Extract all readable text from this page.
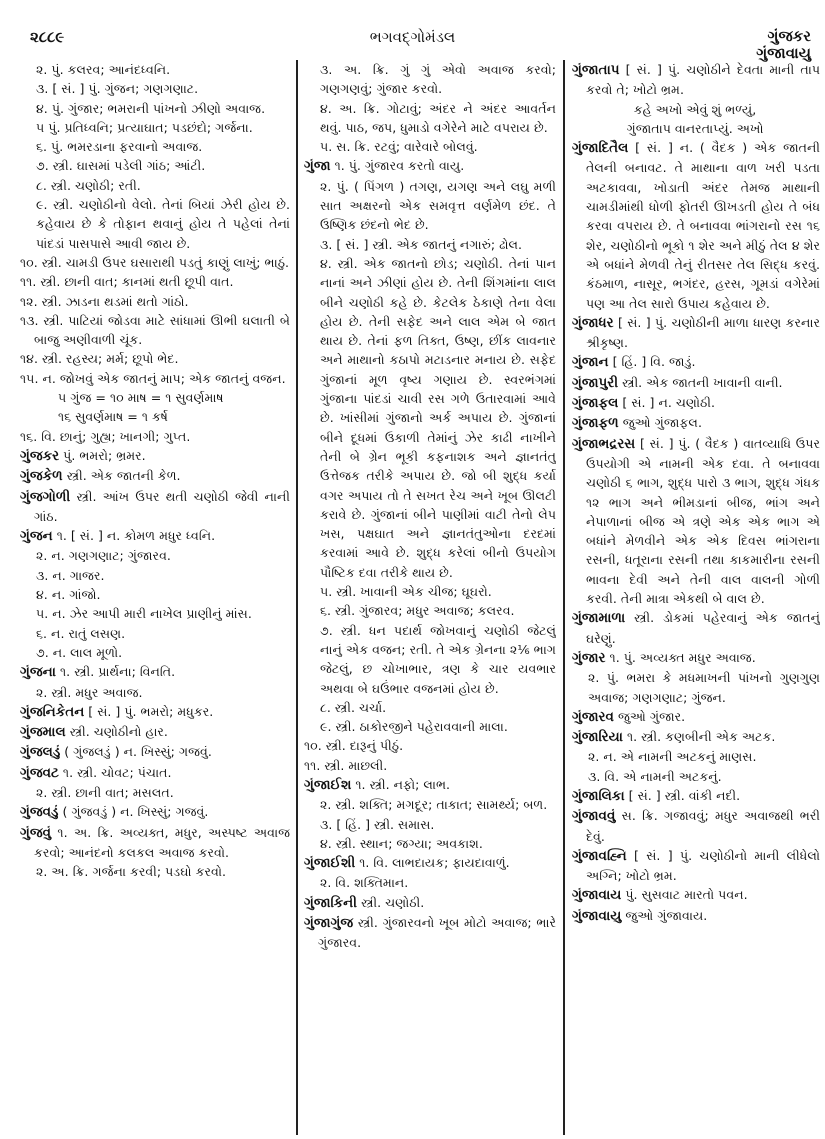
૨૮૮૯	ભગવદ્ગોમંડલ	ગુંજકર
ગુંજાવાયુ

૨. પું. કલરવ; આનંદધ્વનિ.

૩. [ સં. ] પું. ગુંજન; ગણગણાટ.

૪. પું. ગુંજાર; ભમરાની પાંખનો ઝીણો અવાજ.

૫ પું. પ્રતિધ્વનિ; પ્રત્યાઘાત; પડછંદો; ગર્જના.

૬. પું. ભમરડાના ફરવાનો અવાજ.

૭. સ્ત્રી. ઘાસમાં પડેલી ગાંઠ; આંટી.

૮. સ્ત્રી. ચણોઠી; રતી.

૯. સ્ત્રી. ચણોઠીનો વેલો. તેનાં બિયાં ઝેરી હોય છે. કહેવાય છે કે તોફાન થવાનું હોય તે પહેલાં તેનાં પાંદડાં પાસપાસે આવી જાય છે.

૧૦. સ્ત્રી. ચામડી ઉપર ઘસારાથી પડતું કાણું લાખું; ભાઠું.

૧૧. સ્ત્રી. છાની વાત; કાનમાં થતી છૂપી વાત.

૧૨. સ્ત્રી. ઝાડના થડમાં થતો ગાંઠો.

૧૩. સ્ત્રી. પાટિયાં જોડવા માટે સાંધામાં ઊભી ઘલાતી બે બાજુ અણીવાળી ચૂંક.

૧૪. સ્ત્રી. રહસ્ય; મર્મ; છૂપો ભેદ.

૧૫. ન. જોખવું એક જાતનું માપ; એક જાતનું વજન.

૫ ગુંજ = ૧૦ માષ = ૧ સુવર્ણમાષ

૧૬ સુવર્ણમાષ = ૧ કર્ષ

૧૬. વિ. છાનું; ગુહ્ય; ખાનગી; ગુપ્ત.

ગુંજકર પું. ભમરો; ભ્રમર.

ગુંજકેળ સ્ત્રી. એક જાતની કેળ.

ગુંજગોળી સ્ત્રી. આંખ ઉપર થતી ચણોઠી જેવી નાની ગાંઠ.

ગુંજન ૧. [ સં. ] ન. કોમળ મધુર ધ્વનિ.

૨. ન. ગણગણાટ; ગુંજારવ.

૩. ન. ગાજર.

૪. ન. ગાંજો.

૫. ન. ઝેર આપી મારી નાખેલ પ્રાણીનું માંસ.

૬. ન. રાતું લસણ.

૭. ન. લાલ મૂળો.

ગુંજના ૧. સ્ત્રી. પ્રાર્થના; વિનતિ.

૨. સ્ત્રી. મધુર અવાજ.

ગુંજનિકેતન [ સં. ] પું. ભમરો; મધુકર.

ગુંજમાલ સ્ત્રી. ચણોઠીનો હાર.

ગુંજલડું ( ગુંજલડું ) ન. ખિસ્સું; ગજવું.

ગુંજવટ ૧. સ્ત્રી. ચોવટ; પંચાત.

૨. સ્ત્રી. છાની વાત; મસલત.

ગુંજવડું ( ગુંજવડું ) ન. ખિસ્સું; ગજવું.

ગુંજવું ૧. અ. ક્રિ. અવ્યક્ત, મધુર, અસ્પષ્ટ અવાજ કરવો; આનંદનો કલકલ અવાજ કરવો.

૨. અ. ક્રિ. ગર્જના કરવી; પડઘો કરવો.

૩. અ. ક્રિ. ગું ગું એવો અવાજ કરવો; ગણગણવું; ગુંજાર કરવો.

૪. અ. ક્રિ. ગોટાવું; અંદર ને અંદર આવર્તન થવું. પાઠ, જપ, ધુમાડો વગેરેને માટે વપરાય છે.

૫. સ. ક્રિ. રટવું; વારેવારે બોલવું.

ગુંજા ૧. પું. ગુંજારવ કરતો વાયુ.

૨. પું. ( પિંગળ ) તગણ, યગણ અને લઘુ મળી સાત અક્ષરનો એક સમવૃત્ત વર્ણમેળ છંદ. તે ઉષ્ણિક છંદનો ભેદ છે.

૩. [ સં. ] સ્ત્રી. એક જાતનું નગારું; ઢોલ.

૪. સ્ત્રી. એક જાતનો છોડ; ચણોઠી. તેનાં પાન નાનાં અને ઝીણાં હોય છે. તેની શિંગમાંના લાલ બીને ચણોઠી કહે છે. કેટલેક ઠેકાણે તેના વેલા હોય છે. તેની સફેદ અને લાલ એમ બે જાત થાય છે. તેનાં ફળ તિક્ત, ઉષ્ણ, છીંક લાવનાર અને માથાનો કઠાપો મટાડનાર મનાય છે. સફેદ ગુંજાનાં મૂળ વૃષ્ય ગણાય છે. સ્વરભંગમાં ગુંજાના પાંદડાં ચાવી રસ ગળે ઉતારવામાં આવે છે. ખાંસીમાં ગુંજાનો અર્ક અપાય છે. ગુંજાનાં બીને દૂધમાં ઉકાળી તેમાંનું ઝેર કાઢી નાખીને તેની બે ગ્રેન ભૂકી કફનાશક અને જ્ઞાનતંતુ ઉત્તેજક તરીકે અપાય છે. જો બી શુદ્ધ કર્યા વગર અપાય તો તે સખત રેચ અને ખૂબ ઊલટી કરાવે છે. ગુંજાનાં બીને પાણીમાં વાટી તેનો લેપ ખસ, પક્ષઘાત અને જ્ઞાનતંતુઓના દરદમાં કરવામાં આવે છે. શુદ્ધ કરેલાં બીનો ઉપયોગ પૌષ્ટિક દવા તરીકે થાય છે.

૫. સ્ત્રી. ખાવાની એક ચીજ; ઘૂઘરો.

૬. સ્ત્રી. ગુંજારવ; મધુર અવાજ; કલરવ.

૭. સ્ત્રી. ધન પદાર્થ જોખવાનું ચણોઠી જેટલું નાનું એક વજન; રતી. તે એક ગ્રેનના ૨⅙ ભાગ જેટલું, છ ચોખાભાર, ત્રણ કે ચાર યવભાર અથવા બે ઘઉંભાર વજનમાં હોય છે.

૮. સ્ત્રી. ચર્ચા.

૯. સ્ત્રી. ઠાકોરજીને પહેરાવવાની માલા.

૧૦. સ્ત્રી. દારૂનું પીઠું.

૧૧. સ્ત્રી. માછલી.

ગુંજાઈશ ૧. સ્ત્રી. નફો; લાભ.

૨. સ્ત્રી. શક્તિ; મગદૂર; તાકાત; સામર્થ્ય; બળ.

૩. [ હિં. ] સ્ત્રી. સમાસ.

૪. સ્ત્રી. સ્થાન; જગ્યા; અવકાશ.

ગુંજાઈશી ૧. વિ. લાભદાયક; ફાયદાવાળું.

૨. વિ. શક્તિમાન.

ગુંજાકિની સ્ત્રી. ચણોઠી.

ગુંજાગુંજ સ્ત્રી. ગુંજારવનો ખૂબ મોટો અવાજ; ભારે ગુંજારવ.

ગુંજાતાપ [ સં. ] પું. ચણોઠીને દેવતા માની તાપ કરવો તે; ખોટો ભ્રમ.

કહે અખો એવું શું ભળ્યું,

ગુંજાતાપ વાનરતાપ્યું. અખો

ગુંજાદિતૈલ [ સં. ] ન. ( વૈદક ) એક જાતની તેલની બનાવટ. તે માથાના વાળ ખરી પડતા અટકાવવા, ખોડાતી અંદર તેમજ માથાની ચામડીમાંથી ધોળી ફોતરી ઊખડતી હોય તે બંધ કરવા વપરાય છે. તે બનાવવા ભાંગરાનો રસ ૧૬ શેર, ચણોઠીનો ભૂકો ૧ શેર અને મીઠું તેલ ૪ શેર એ બધાંને મેળવી તેનું રીતસર તેલ સિદ્ધ કરવું. કંઠમાળ, નાસૂર, ભગંદર, હરસ, ગૂમડાં વગેરેમાં પણ આ તેલ સારો ઉપાય કહેવાય છે.

ગુંજાધર [ સં. ] પું. ચણોઠીની માળા ધારણ કરનાર શ્રીકૃષ્ણ.

ગુંજાન [ હિં. ] વિ. જાડું.

ગુંજાપુરી સ્ત્રી. એક જાતની ખાવાની વાની.

ગુંજાફલ [ સં. ] ન. ચણોઠી.

ગુંજાફળ જુઓ ગુંજાફલ.

ગુંજાભદ્રરસ [ સં. ] પું. ( વૈદક ) વાતવ્યાધિ ઉપર ઉપયોગી એ નામની એક દવા. તે બનાવવા ચણોઠી ૬ ભાગ, શુદ્ધ પારો ૩ ભાગ, શુદ્ધ ગંધક ૧૨ ભાગ અને ભીમડાનાં બીજ, ભાંગ અને નેપાળાનાં બીજ એ ત્રણે એક એક ભાગ એ બધાંને મેળવીને એક એક દિવસ ભાંગરાના રસની, ધતૂરાના રસની તથા કાકમારીના રસની ભાવના દેવી અને તેની વાલ વાલની ગોળી કરવી. તેની માત્રા એકથી બે વાલ છે.

ગુંજામાળા સ્ત્રી. ડોકમાં પહેરવાનું એક જાતનું ઘરેણું.

ગુંજાર ૧. પું. અવ્યક્ત મધુર અવાજ.

૨. પું. ભમરા કે મધમાખની પાંખનો ગુણગુણ અવાજ; ગણગણાટ; ગુંજન.

ગુંજારવ જુઓ ગુંજાર.

ગુંજારિયા ૧. સ્ત્રી. કણબીની એક અટક.

૨. ન. એ નામની અટકનું માણસ.

૩. વિ. એ નામની અટકનું.

ગુંજાલિકા [ સં. ] સ્ત્રી. વાંકી નદી.

ગુંજાવવું સ. ક્રિ. ગજાવવું; મધુર અવાજથી ભરી દેવું.

ગુંજાવહ્નિ [ સં. ] પું. ચણોઠીનો માની લીધેલો અગ્નિ; ખોટો ભ્રમ.

ગુંજાવાય પું. સુસવાટ મારતો પવન.

ગુંજાવાયુ જુઓ ગુંજાવાય.
